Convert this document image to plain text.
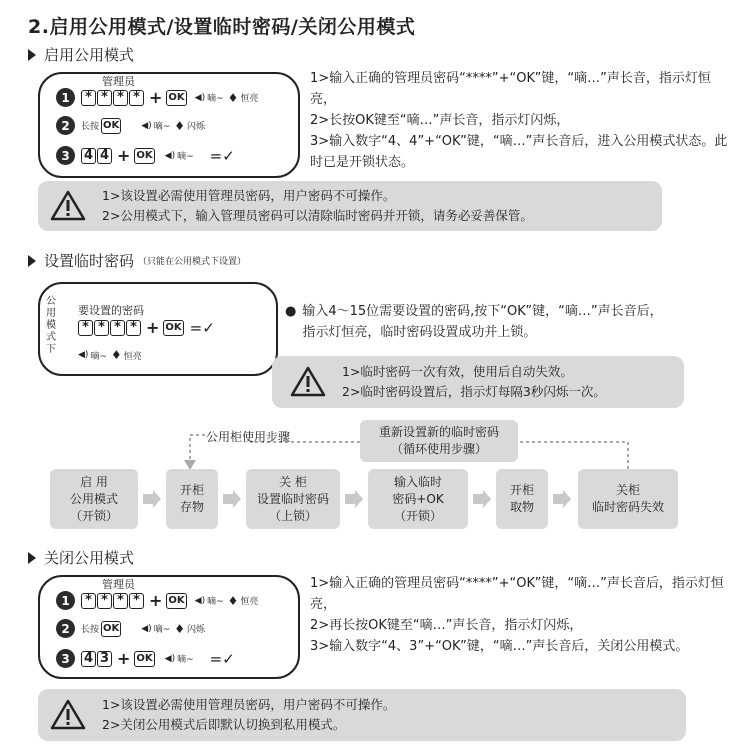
2.启用公用模式/设置临时密码/关闭公用模式
启用公用模式
管理员
1	* * * * + OK ◀) 嘀~ ♦ 恒亮
2	长按 OK ◀) 嘀~ ♦ 闪烁
3	4 4 + OK ◀) 嘀~ =✓
1>输入正确的管理员密码“****”+“OK”键，“嘀…”声长音，指示灯恒亮，
2>长按OK键至“嘀…”声长音，指示灯闪烁，
3>输入数字“4、4”+“OK”键，“嘀…”声长音后，进入公用模式状态。此时已是开锁状态。
1>该设置必需使用管理员密码，用户密码不可操作。
2>公用模式下，输入管理员密码可以清除临时密码并开锁，请务必妥善保管。
设置临时密码 （只能在公用模式下设置）
公
用
模
式
下
要设置的密码
* * * * + OK =✓
◀) 嘀~ ♦ 恒亮
● 输入4～15位需要设置的密码,按下“OK”键，“嘀…”声长音后，指示灯恒亮，临时密码设置成功并上锁。
1>临时密码一次有效，使用后自动失效。
2>临时密码设置后，指示灯每隔3秒闪烁一次。
公用柜使用步骤	重新设置新的临时密码
（循环使用步骤）
启 用
公用模式
（开锁）
开柜
存物
关 柜
设置临时密码
（上锁）
输入临时
密码+OK
（开锁）
开柜
取物
关柜
临时密码失效
关闭公用模式
管理员
1	* * * * + OK ◀) 嘀~ ♦ 恒亮
2	长按 OK ◀) 嘀~ ♦ 闪烁
3	4 3 + OK ◀) 嘀~ =✓
1>输入正确的管理员密码“****”+“OK”键，“嘀…”声长音后，指示灯恒亮，
2>再长按OK键至“嘀…”声长音，指示灯闪烁，
3>输入数字“4、3”+“OK”键，“嘀…”声长音后，关闭公用模式。
1>该设置必需使用管理员密码，用户密码不可操作。
2>关闭公用模式后即默认切换到私用模式。
